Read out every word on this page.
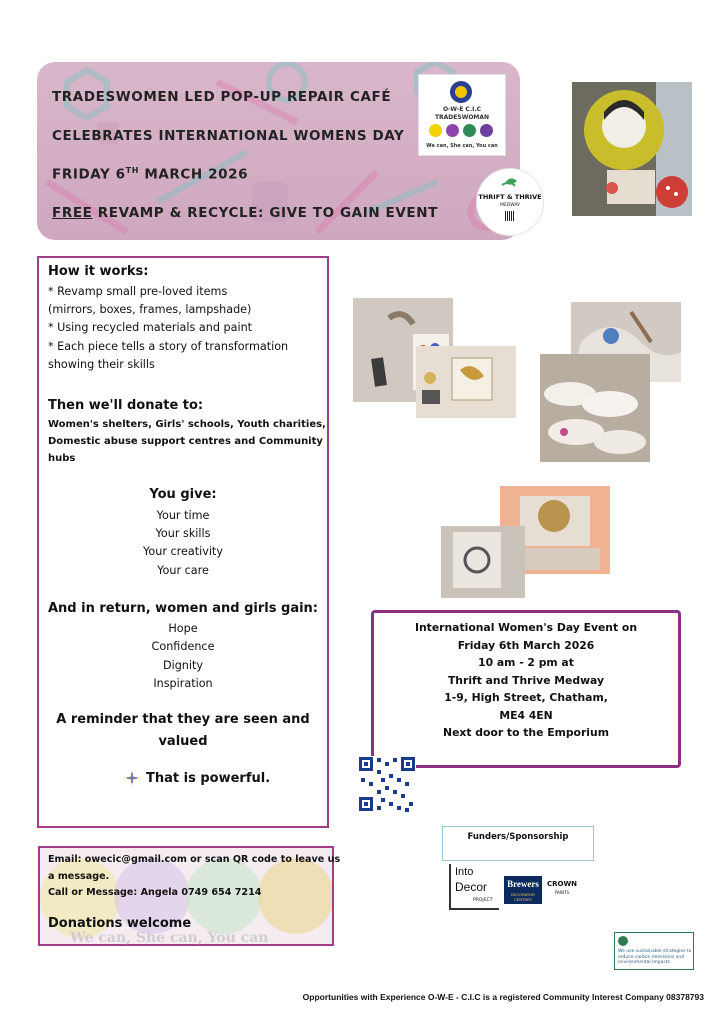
TRADESWOMEN LED POP-UP REPAIR CAFÉ
CELEBRATES INTERNATIONAL WOMENS DAY
FRIDAY 6TH MARCH 2026
FREE REVAMP & RECYCLE: GIVE TO GAIN EVENT
O-W-E C.I.C
TRADESWOMAN
We can, She can, You can
THRIFT & THRIVE
MEDWAY
How it works:
* Revamp small pre-loved items
(mirrors, boxes, frames, lampshade)
* Using recycled materials and paint
* Each piece tells a story of transformation
showing their skills
Then we'll donate to:
Women's shelters, Girls' schools, Youth charities,
Domestic abuse support centres and Community
hubs
You give:
Your time
Your skills
Your creativity
Your care
And in return, women and girls gain:
Hope
Confidence
Dignity
Inspiration
A reminder that they are seen and
valued
That is powerful.
International Women's Day Event on
Friday 6th March 2026
10 am - 2 pm at
Thrift and Thrive Medway
1-9, High Street, Chatham,
ME4 4EN
Next door to the Emporium
Email: owecic@gmail.com or scan QR code to leave us
a message.
Call or Message: Angela 0749 654 7214
Donations welcome
We can, She can, You can
Funders/Sponsorship
Into
Decor
PROJECT
Brewers
DECORATOR CENTRES
CROWN
PAINTS
We use sustainable strategies to reduce carbon emissions and environmental impacts
Opportunities with Experience O-W-E - C.I.C is a registered Community Interest Company 08378793
